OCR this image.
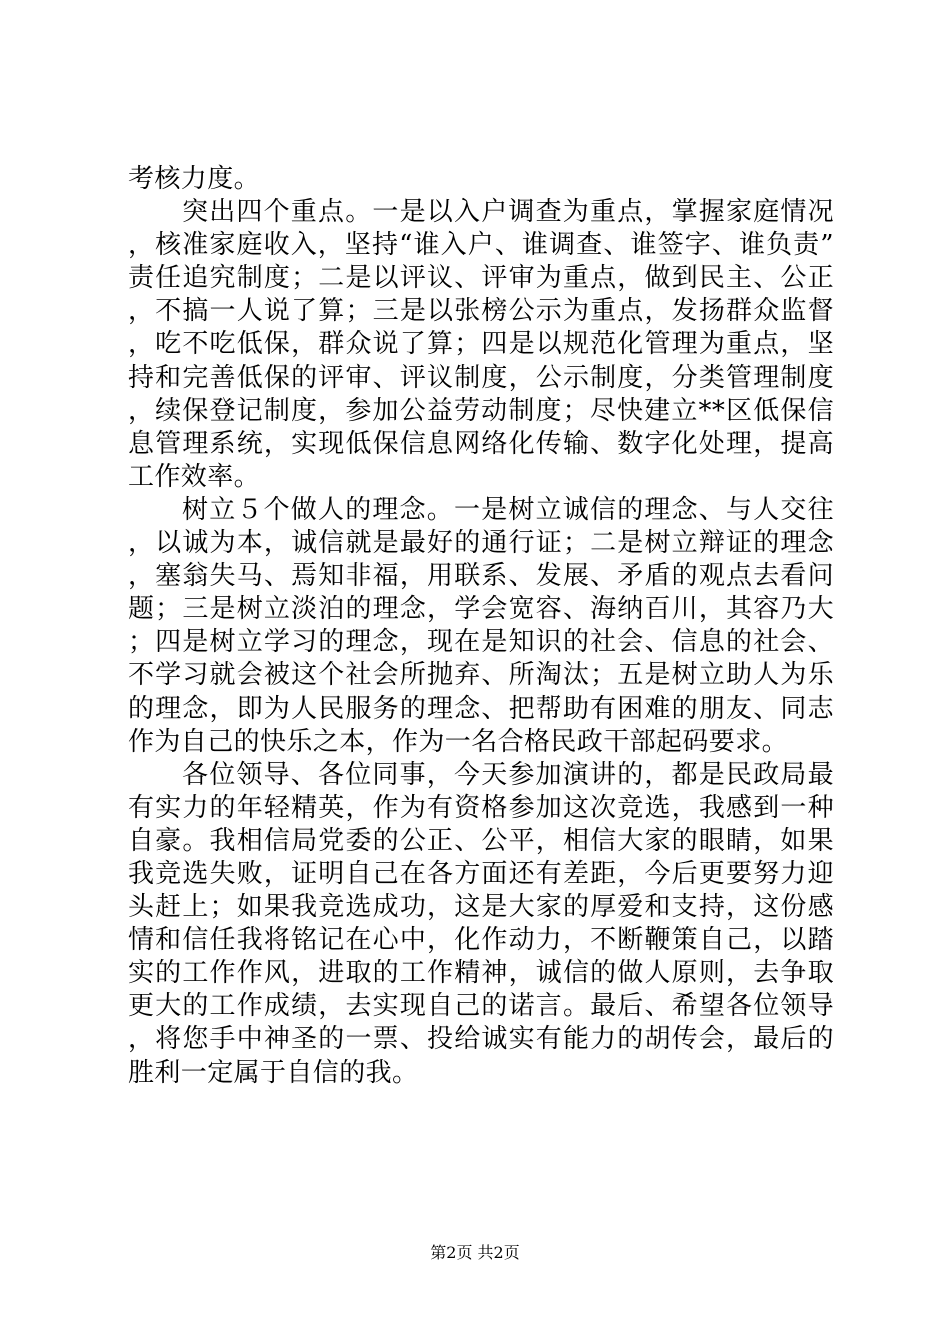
考核力度。

突出四个重点。一是以入户调查为重点，掌握家庭情况，核准家庭收入，坚持“谁入户、谁调查、谁签字、谁负责”责任追究制度；二是以评议、评审为重点，做到民主、公正，不搞一人说了算；三是以张榜公示为重点，发扬群众监督，吃不吃低保，群众说了算；四是以规范化管理为重点，坚持和完善低保的评审、评议制度，公示制度，分类管理制度，续保登记制度，参加公益劳动制度；尽快建立**区低保信息管理系统，实现低保信息网络化传输、数字化处理，提高工作效率。

树立５个做人的理念。一是树立诚信的理念、与人交往，以诚为本，诚信就是最好的通行证；二是树立辩证的理念，塞翁失马、焉知非福，用联系、发展、矛盾的观点去看问题；三是树立淡泊的理念，学会宽容、海纳百川，其容乃大；四是树立学习的理念，现在是知识的社会、信息的社会、不学习就会被这个社会所抛弃、所淘汰；五是树立助人为乐的理念，即为人民服务的理念、把帮助有困难的朋友、同志作为自己的快乐之本，作为一名合格民政干部起码要求。

各位领导、各位同事，今天参加演讲的，都是民政局最有实力的年轻精英，作为有资格参加这次竞选，我感到一种自豪。我相信局党委的公正、公平，相信大家的眼睛，如果我竞选失败，证明自己在各方面还有差距，今后更要努力迎头赶上；如果我竞选成功，这是大家的厚爱和支持，这份感情和信任我将铭记在心中，化作动力，不断鞭策自己，以踏实的工作作风，进取的工作精神，诚信的做人原则，去争取更大的工作成绩，去实现自己的诺言。最后、希望各位领导，将您手中神圣的一票、投给诚实有能力的胡传会，最后的胜利一定属于自信的我。

第2页 共2页
